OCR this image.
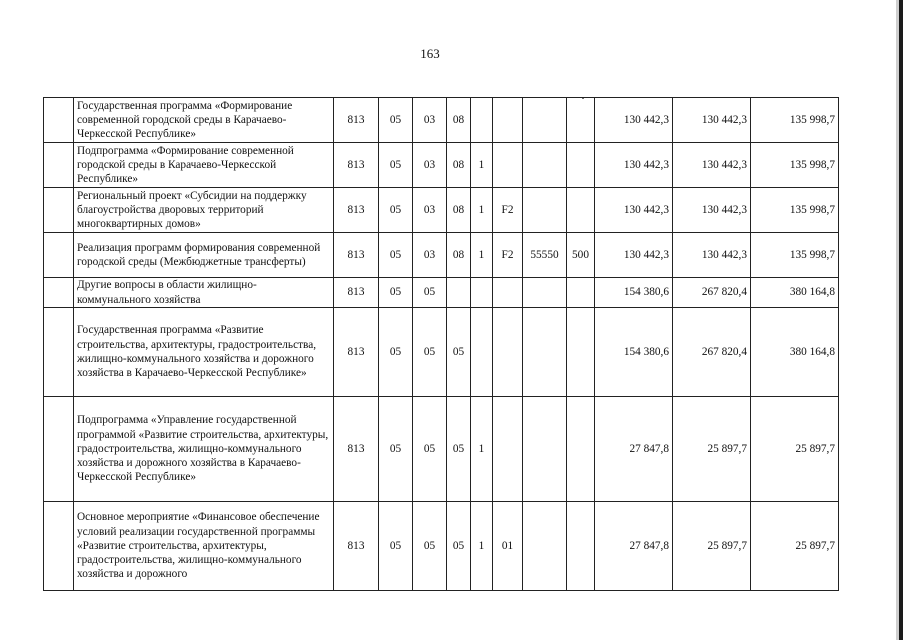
163
	Государственная программа «Формирование современной городской среды в Карачаево-Черкесской Республике»	813	05	03	08					130 442,3	130 442,3	135 998,7
	Подпрограмма «Формирование современной городской среды в Карачаево-Черкесской Республике»	813	05	03	08	1				130 442,3	130 442,3	135 998,7
	Региональный проект «Субсидии на поддержку благоустройства дворовых территорий многоквартирных домов»	813	05	03	08	1	F2			130 442,3	130 442,3	135 998,7
	Реализация программ формирования современной городской среды (Межбюджетные трансферты)	813	05	03	08	1	F2	55550	500	130 442,3	130 442,3	135 998,7
	Другие вопросы в области жилищно-коммунального хозяйства	813	05	05						154 380,6	267 820,4	380 164,8
	Государственная программа «Развитие строительства, архитектуры, градостроительства, жилищно-коммунального хозяйства и дорожного хозяйства в Карачаево-Черкесской Республике»	813	05	05	05					154 380,6	267 820,4	380 164,8
	Подпрограмма «Управление государственной программой «Развитие строительства, архитектуры, градостроительства, жилищно-коммунального хозяйства и дорожного хозяйства в Карачаево-Черкесской Республике»	813	05	05	05	1				27 847,8	25 897,7	25 897,7
	Основное мероприятие «Финансовое обеспечение условий реализации государственной программы «Развитие строительства, архитектуры, градостроительства, жилищно-коммунального хозяйства и дорожного	813	05	05	05	1	01			27 847,8	25 897,7	25 897,7
